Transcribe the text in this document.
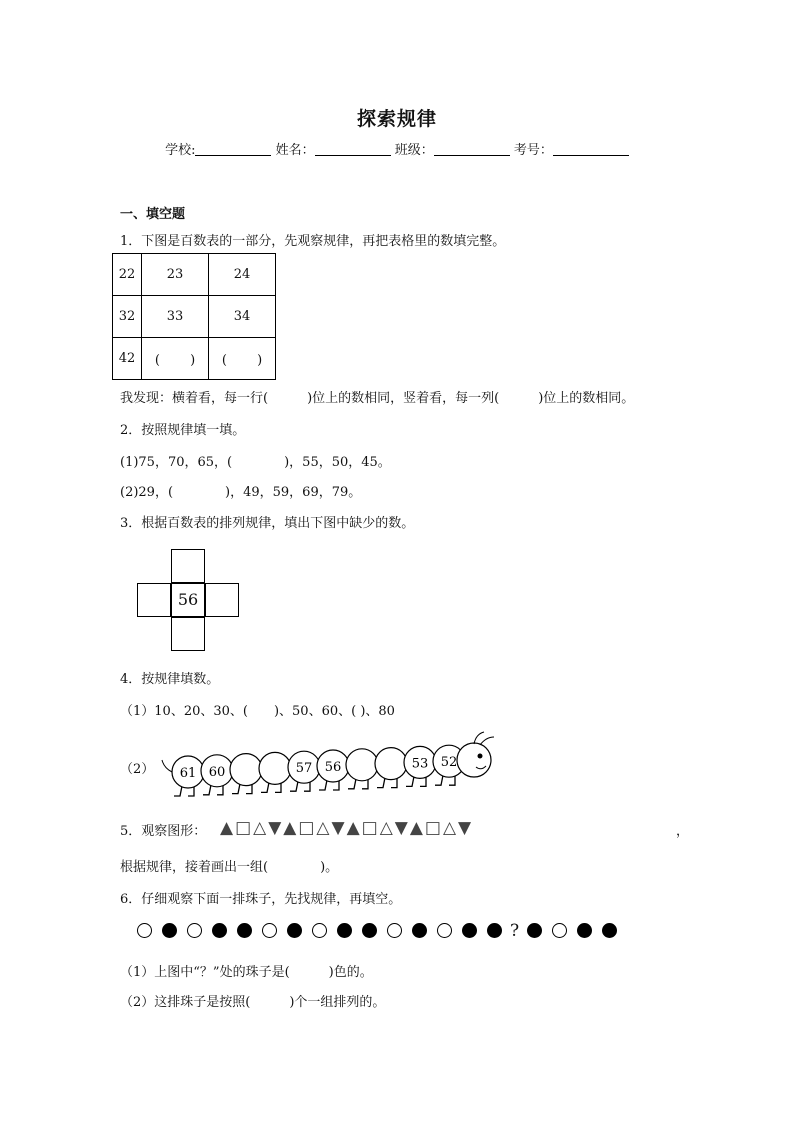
探索规律
学校:	姓名：	班级：	考号：
一、填空题
1．下图是百数表的一部分，先观察规律，再把表格里的数填完整。
22	23	24
32	33	34
42	(　　 )	(　　 )
我发现：横着看，每一行(　　　)位上的数相同，竖着看，每一列(　　　)位上的数相同。
2．按照规律填一填。
(1)75，70，65，(　　　　)，55，50，45。
(2)29，(　　　　)，49，59，69，79。
3．根据百数表的排列规律，填出下图中缺少的数。
56
4．按规律填数。
（1）10、20、30、(　　)、50、60、( )、80
（2） 61 60	57 56	53 52
5．观察图形： ▲□△▼▲□△▼▲□△▼▲□△▼	，
根据规律，接着画出一组(　　　　)。
6．仔细观察下面一排珠子，先找规律，再填空。
?
（1）上图中“？”处的珠子是(　　　)色的。
（2）这排珠子是按照(　　　)个一组排列的。
